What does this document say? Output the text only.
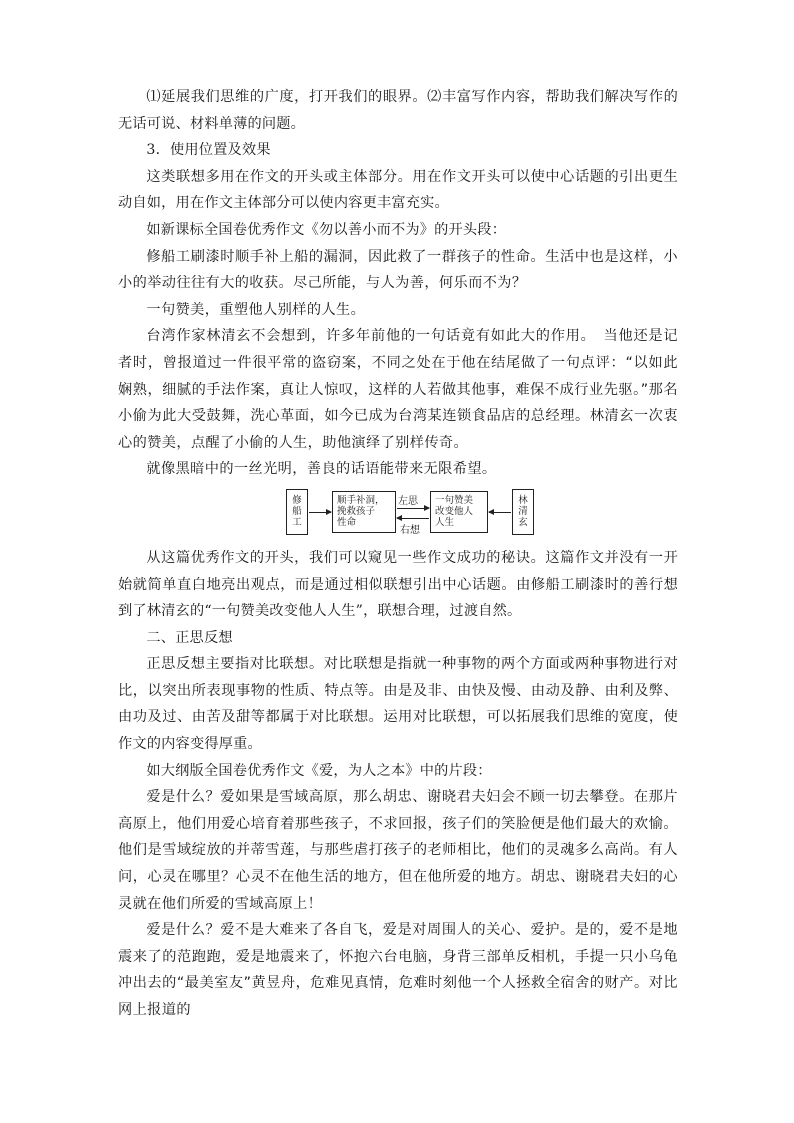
⑴延展我们思维的广度，打开我们的眼界。⑵丰富写作内容，帮助我们解决写作的无话可说、材料单薄的问题。

3．使用位置及效果

这类联想多用在作文的开头或主体部分。用在作文开头可以使中心话题的引出更生动自如，用在作文主体部分可以使内容更丰富充实。

如新课标全国卷优秀作文《勿以善小而不为》的开头段：

修船工刷漆时顺手补上船的漏洞，因此救了一群孩子的性命。生活中也是这样，小小的举动往往有大的收获。尽己所能，与人为善，何乐而不为？

一句赞美，重塑他人别样的人生。

台湾作家林清玄不会想到，许多年前他的一句话竟有如此大的作用。　当他还是记者时，曾报道过一件很平常的盗窃案，不同之处在于他在结尾做了一句点评：“以如此娴熟，细腻的手法作案，真让人惊叹，这样的人若做其他事，难保不成行业先驱。”那名小偷为此大受鼓舞，洗心革面，如今已成为台湾某连锁食品店的总经理。林清玄一次衷心的赞美，点醒了小偷的人生，助他演绎了别样传奇。

就像黑暗中的一丝光明，善良的话语能带来无限希望。

修
船
工
顺手补洞，
挽救孩子
性命
左思
右想
一句赞美
改变他人
人生
林
清
玄

从这篇优秀作文的开头，我们可以窥见一些作文成功的秘诀。这篇作文并没有一开始就简单直白地亮出观点，而是通过相似联想引出中心话题。由修船工刷漆时的善行想到了林清玄的“一句赞美改变他人人生”，联想合理，过渡自然。

二、正思反想

正思反想主要指对比联想。对比联想是指就一种事物的两个方面或两种事物进行对比，以突出所表现事物的性质、特点等。由是及非、由快及慢、由动及静、由利及弊、由功及过、由苦及甜等都属于对比联想。运用对比联想，可以拓展我们思维的宽度，使作文的内容变得厚重。

如大纲版全国卷优秀作文《爱，为人之本》中的片段：

爱是什么？爱如果是雪域高原，那么胡忠、谢晓君夫妇会不顾一切去攀登。在那片高原上，他们用爱心培育着那些孩子，不求回报，孩子们的笑脸便是他们最大的欢愉。他们是雪域绽放的并蒂雪莲，与那些虐打孩子的老师相比，他们的灵魂多么高尚。有人问，心灵在哪里？心灵不在他生活的地方，但在他所爱的地方。胡忠、谢晓君夫妇的心灵就在他们所爱的雪域高原上！

爱是什么？爱不是大难来了各自飞，爱是对周围人的关心、爱护。是的，爱不是地震来了的范跑跑，爱是地震来了，怀抱六台电脑，身背三部单反相机，手提一只小乌龟冲出去的“最美室友”黄昱舟，危难见真情，危难时刻他一个人拯救全宿舍的财产。对比网上报道的
